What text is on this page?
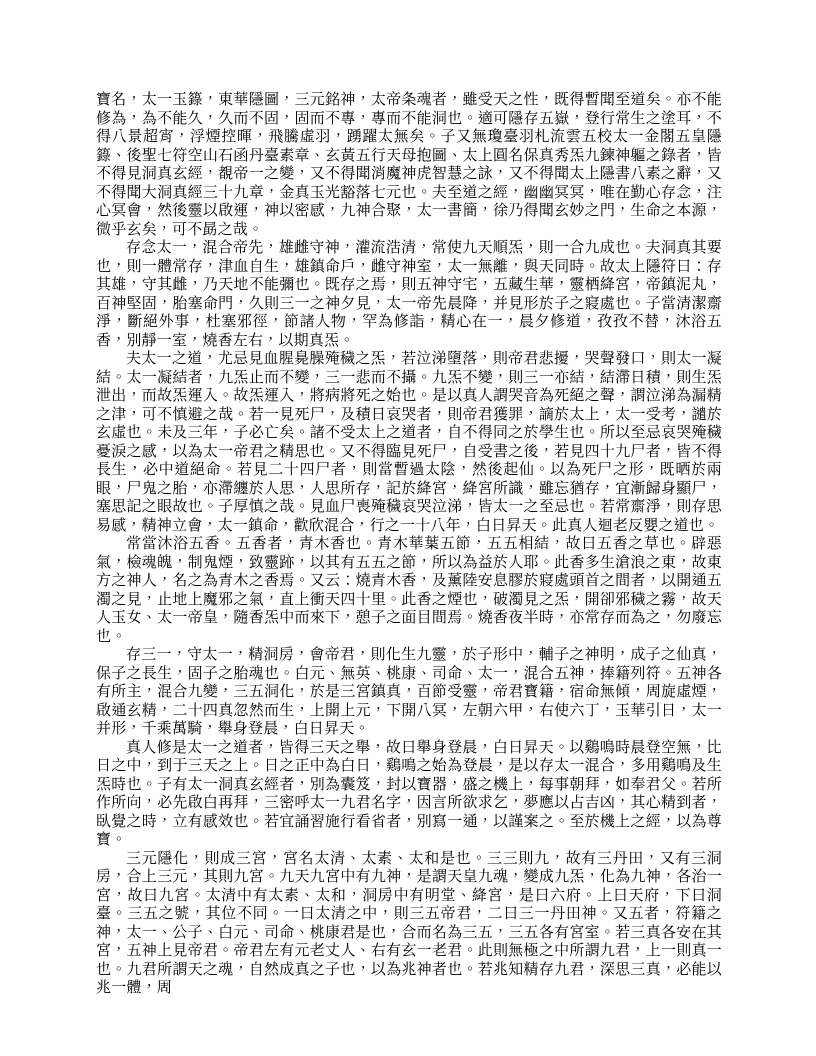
寶名，太一玉籙，東華隱圖，三元銘神，太帝条魂者，雖受天之性，既得暫聞至道矣。亦不能修為，為不能久，久而不固，固而不專，專而不能洞也。適可隱存五嶽，登行常生之塗耳，不得八景超宵，浮煙控暉，飛騰虛羽，踴躍太無矣。子又無瓊臺羽札流雲五校太一金閣五皇隱籙、後聖七符空山石函丹臺素章、玄黃五行天母抱圖、太上圓名保真秀炁九鍊神軀之錄者，皆不得見洞真玄經，覩帝一之變，又不得聞消魔神虎智慧之詠，又不得聞太上隱書八素之辭，又不得聞大洞真經三十九章，金真玉光豁落七元也。夫至道之經，幽幽冥冥，唯在勤心存念，注心冥會，然後靈以啟運，神以密感，九神合聚，太一書簡，徐乃得聞玄妙之門，生命之本源，微乎玄矣，可不勗之哉。

存念太一，混合帝先，雄雌守神，灌流浩清，常使九天順炁，則一合九成也。夫洞真其要也，則一體常存，津血自生，雄鎮命戶，雌守神室，太一無離，與天同時。故太上隱符曰：存其雄，守其雌，乃天地不能彌也。既存之焉，則五神守宅，五藏生華，靈栖絳宮，帝鎮泥丸，百神堅固，胎塞命門，久則三一之神夕見，太一帝先晨降，并見形於子之寢處也。子當清潔齋淨，斷絕外事，杜塞邪徑，節諸人物，罕為修詣，精心在一，晨夕修道，孜孜不替，沐浴五香，別靜一室，燒香左右，以期真炁。

夫太一之道，尤忌見血腥臰臊殗穢之炁，若泣涕墮落，則帝君悲擾，哭聲發口，則太一凝結。太一凝結者，九炁止而不變，三一悲而不攝。九炁不變，則三一亦結，結滯日積，則生炁泄出，而故炁運入。故炁運入，將病將死之始也。是以真人謂哭音為死絕之聲，謂泣涕為漏精之津，可不慎避之哉。若一見死尸，及積日哀哭者，則帝君獲罪，謫於太上，太一受考，譴於玄虛也。未及三年，子必亡矣。諸不受太上之道者，自不得同之於學生也。所以至忌哀哭殗穢憂淚之感，以為太一帝君之精思也。又不得臨見死尸，自受書之後，若見四十九尸者，皆不得長生，必中道絕命。若見二十四尸者，則當暫過太陰，然後起仙。以為死尸之形，既晒於兩眼，尸鬼之胎，亦滯纏於人思，人思所存，記於絳宮，絳宮所識，雖忘猶存，宜漸歸身顯尸，塞思記之眼故也。子厚慎之哉。見血尸喪殗穢哀哭泣涕，皆太一之至忌也。若常齋淨，則存思易感，精神立會，太一鎮命，歡欣混合，行之一十八年，白日昇天。此真人迴老反嬰之道也。

常當沐浴五香。五香者，青木香也。青木華葉五節，五五相結，故曰五香之草也。辟惡氣，檢魂魄，制鬼煙，致靈跡，以其有五五之節，所以為益於人耶。此香多生滄浪之東，故東方之神人，名之為青木之香焉。又云：燒青木香，及薰陸安息膠於寢處頭首之間者，以開通五濁之見，止地上魔邪之氣，直上衝天四十里。此香之煙也，破濁見之炁，開卻邪穢之霧，故天人玉女、太一帝皇，隨香炁中而來下，憩子之面目間焉。燒香夜半時，亦常存而為之，勿廢忘也。

存三一，守太一，精洞房，會帝君，則化生九靈，於子形中，輔子之神明，成子之仙真，保子之長生，固子之胎魂也。白元、無英、桃康、司命、太一，混合五神，捧籍列符。五神各有所主，混合九變，三五洞化，於是三宮鎮真，百節受靈，帝君寶籍，宿命無傾，周旋虛煙，啟通玄精，二十四真忽然而生，上開上元，下開八冥，左朝六甲，右使六丁，玉華引日，太一并形，千乘萬騎，舉身登晨，白日昇天。

真人修是太一之道者，皆得三天之舉，故曰舉身登晨，白日昇天。以鷄鳴時晨登空無，比日之中，到于三天之上。日之正中為白日，鷄鳴之始為登晨，是以存太一混合，多用鷄鳴及生炁時也。子有太一洞真玄經者，別為囊笈，封以寶器，盛之機上，每事朝拜，如奉君父。若所作所向，必先啟白再拜，三密呼太一九君名字，因言所欲求乞，夢應以占吉凶，其心精到者，臥覺之時，立有感效也。若宜誦習施行看省者，別寫一通，以謹案之。至於機上之經，以為尊寶。

三元隱化，則成三宮，宮名太清、太素、太和是也。三三則九，故有三丹田，又有三洞房，合上三元，其則九宮。九天九宮中有九神，是謂天皇九魂，變成九炁，化為九神，各治一宮，故曰九宮。太清中有太素、太和，洞房中有明堂、絳宮，是曰六府。上曰天府，下曰洞臺。三五之號，其位不同。一曰太清之中，則三五帝君，二曰三一丹田神。又五者，符籍之神，太一、公子、白元、司命、桃康君是也，合而名為三五，三五各有宮室。若三真各安在其宮，五神上見帝君。帝君左有元老丈人、右有玄一老君。此則無極之中所謂九君，上一則真一也。九君所謂天之魂，自然成真之子也，以為兆神者也。若兆知精存九君，深思三真，必能以兆一體，周
